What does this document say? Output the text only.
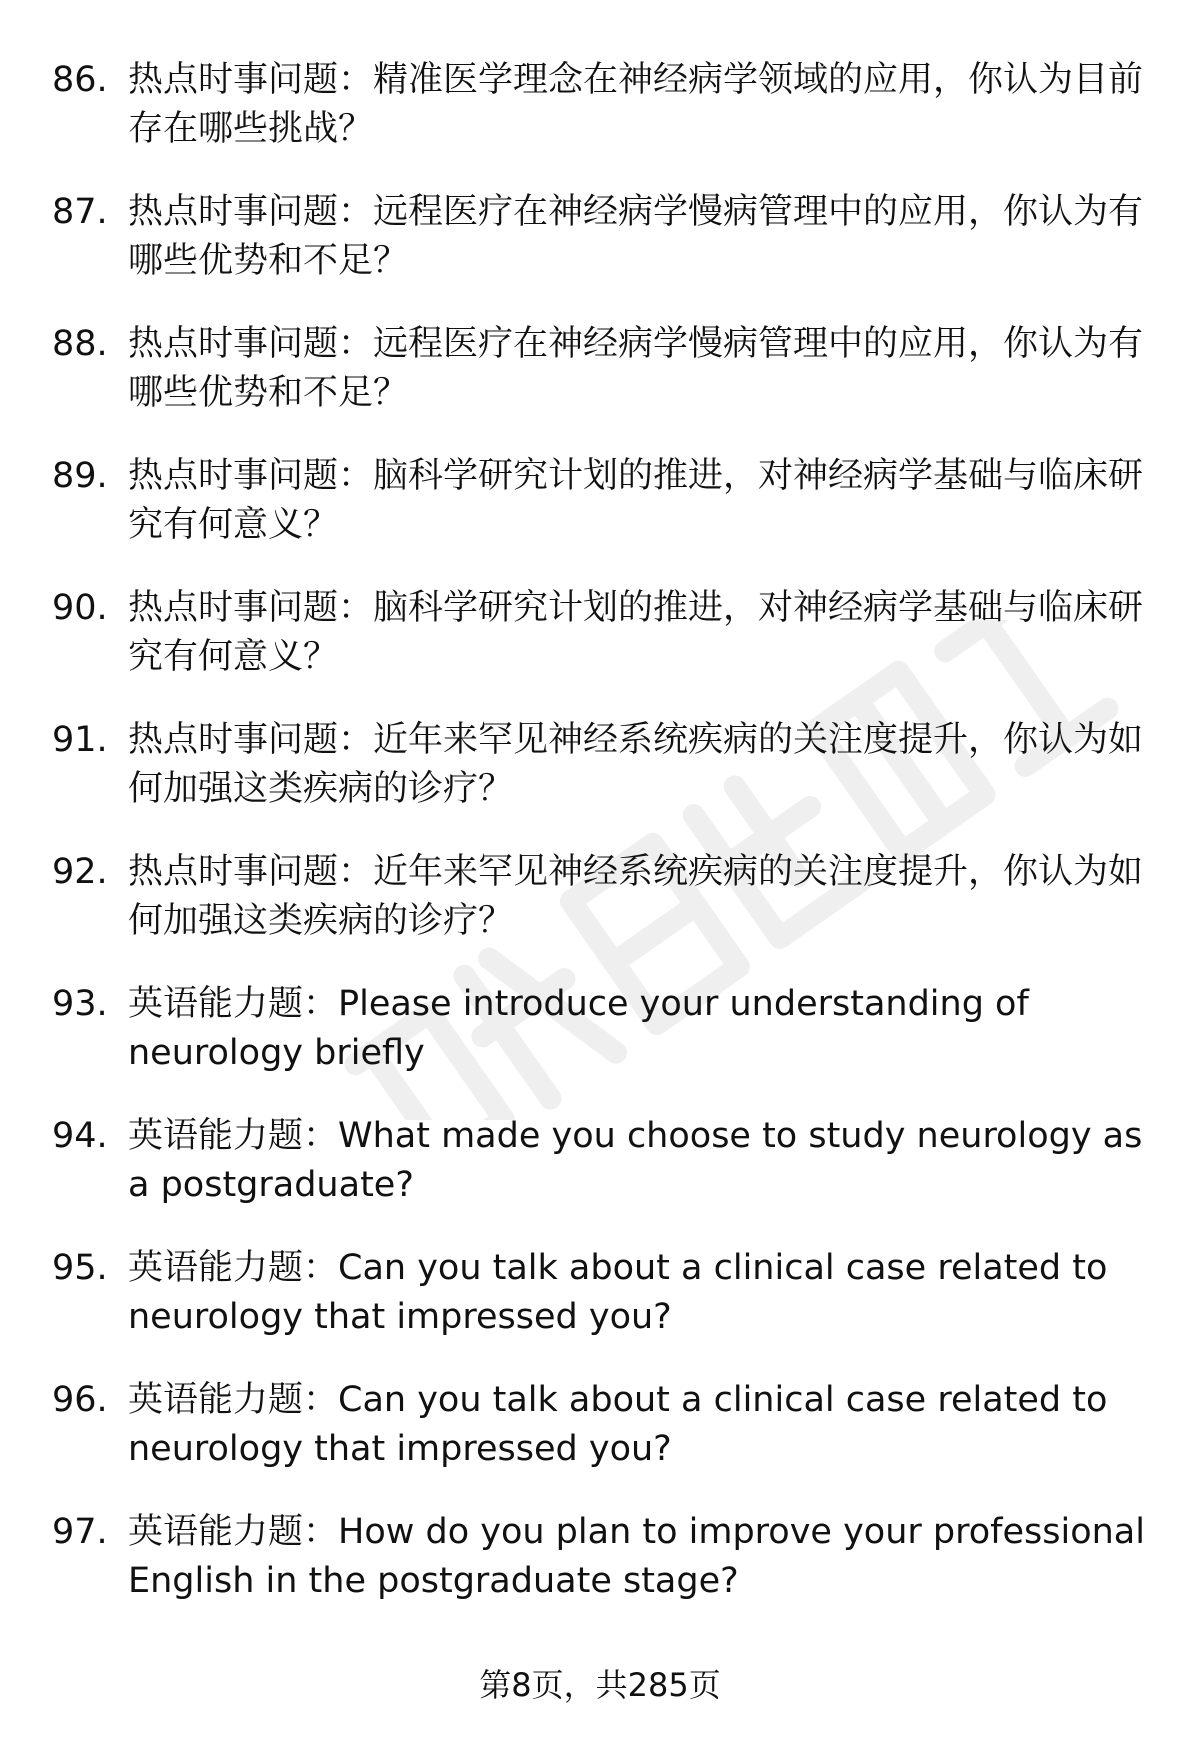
86. 热点时事问题：精准医学理念在神经病学领域的应用，你认为目前存在哪些挑战？
87. 热点时事问题：远程医疗在神经病学慢病管理中的应用，你认为有哪些优势和不足？
88. 热点时事问题：远程医疗在神经病学慢病管理中的应用，你认为有哪些优势和不足？
89. 热点时事问题：脑科学研究计划的推进，对神经病学基础与临床研究有何意义？
90. 热点时事问题：脑科学研究计划的推进，对神经病学基础与临床研究有何意义？
91. 热点时事问题：近年来罕见神经系统疾病的关注度提升，你认为如何加强这类疾病的诊疗？
92. 热点时事问题：近年来罕见神经系统疾病的关注度提升，你认为如何加强这类疾病的诊疗？
93. 英语能力题：Please introduce your understanding of neurology briefly
94. 英语能力题：What made you choose to study neurology as a postgraduate?
95. 英语能力题：Can you talk about a clinical case related to neurology that impressed you?
96. 英语能力题：Can you talk about a clinical case related to neurology that impressed you?
97. 英语能力题：How do you plan to improve your professional English in the postgraduate stage?
第8页，共285页
